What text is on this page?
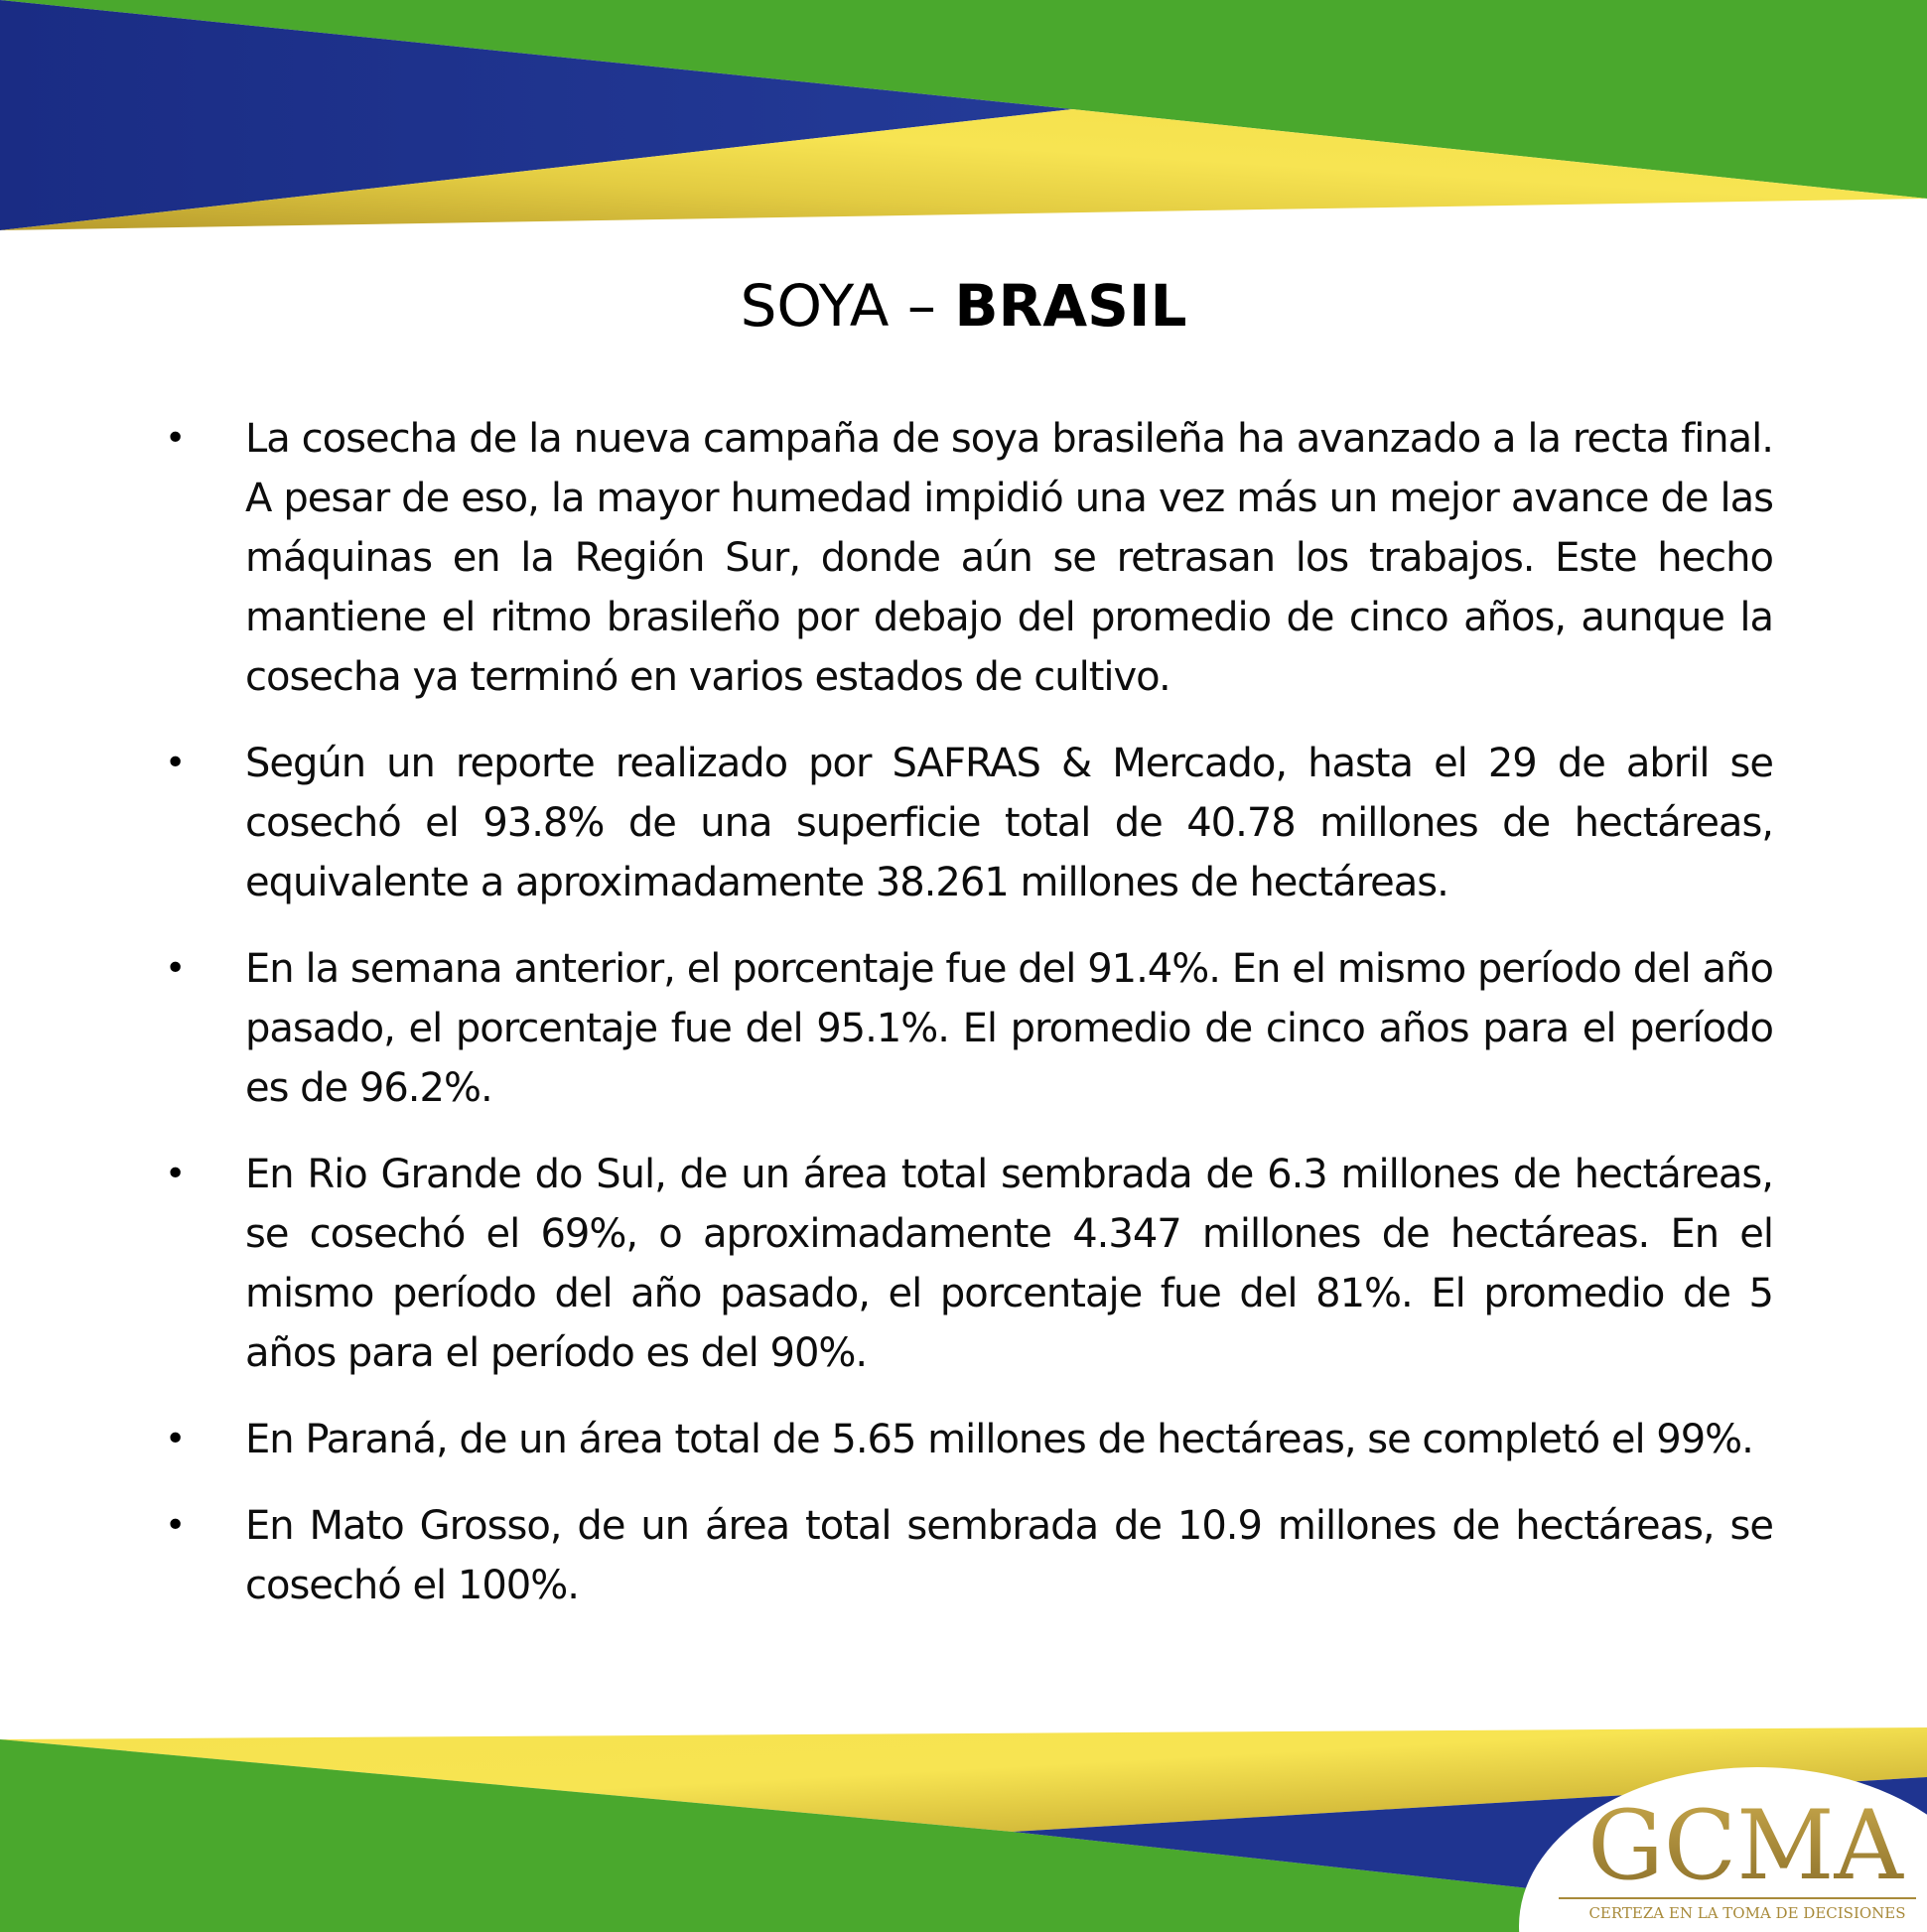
SOYA – BRASIL
• La cosecha de la nueva campaña de soya brasileña ha avanzado a la recta final. A pesar de eso, la mayor humedad impidió una vez más un mejor avance de las máquinas en la Región Sur, donde aún se retrasan los trabajos. Este hecho mantiene el ritmo brasileño por debajo del promedio de cinco años, aunque la cosecha ya terminó en varios estados de cultivo.
• Según un reporte realizado por SAFRAS & Mercado, hasta el 29 de abril se cosechó el 93.8% de una superficie total de 40.78 millones de hectáreas, equivalente a aproximadamente 38.261 millones de hectáreas.
• En la semana anterior, el porcentaje fue del 91.4%. En el mismo período del año pasado, el porcentaje fue del 95.1%. El promedio de cinco años para el período es de 96.2%.
• En Rio Grande do Sul, de un área total sembrada de 6.3 millones de hectáreas, se cosechó el 69%, o aproximadamente 4.347 millones de hectáreas. En el mismo período del año pasado, el porcentaje fue del 81%. El promedio de 5 años para el período es del 90%.
• En Paraná, de un área total de 5.65 millones de hectáreas, se completó el 99%.
• En Mato Grosso, de un área total sembrada de 10.9 millones de hectáreas, se cosechó el 100%.
GCMA
CERTEZA EN LA TOMA DE DECISIONES
